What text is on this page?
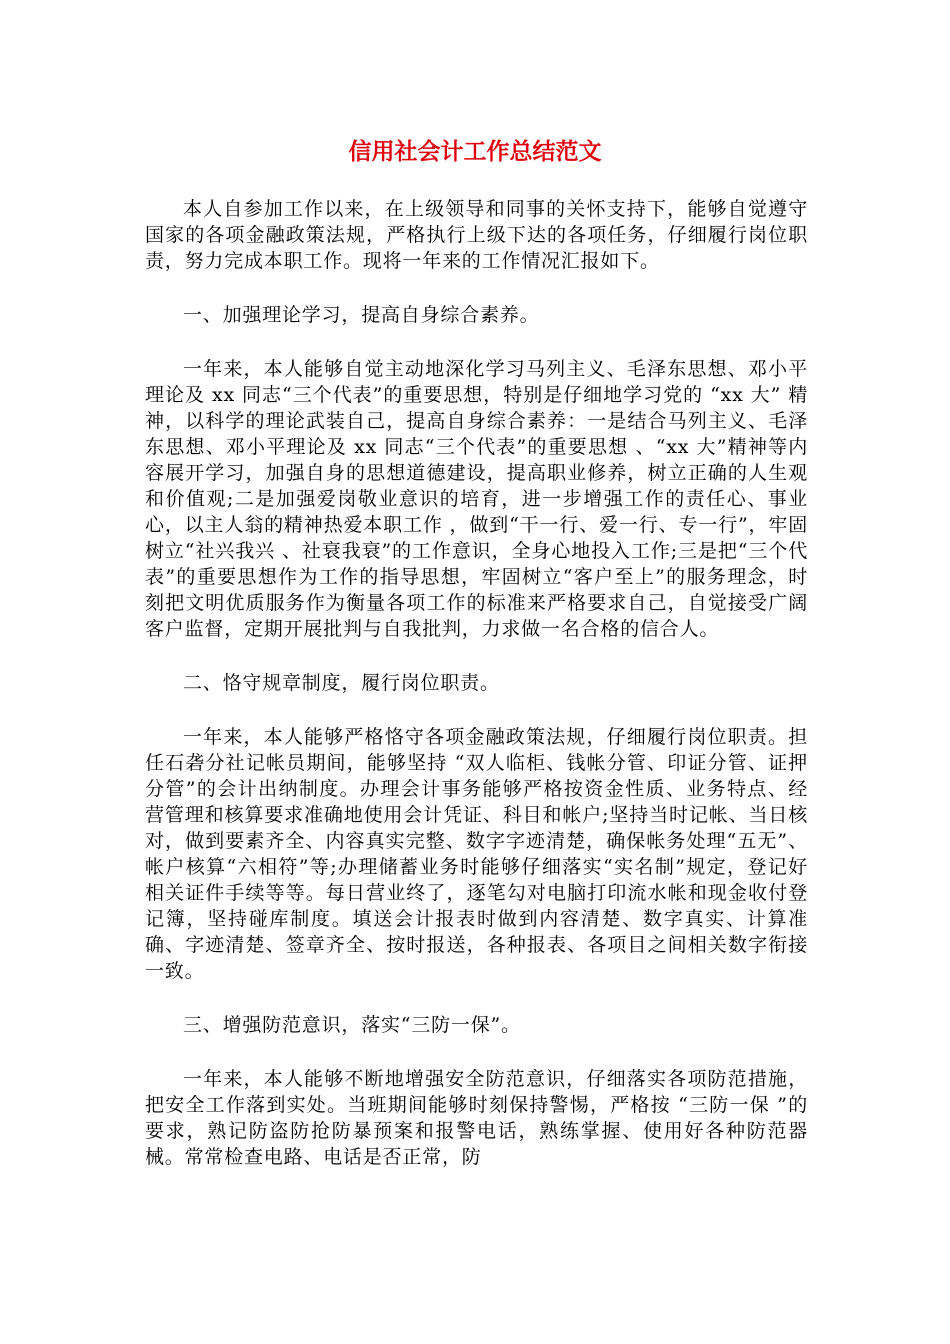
信用社会计工作总结范文

本人自参加工作以来，在上级领导和同事的关怀支持下，能够自觉遵守国家的各项金融政策法规，严格执行上级下达的各项任务，仔细履行岗位职责，努力完成本职工作。现将一年来的工作情况汇报如下。

一、加强理论学习，提高自身综合素养。

一年来，本人能够自觉主动地深化学习马列主义、毛泽东思想、邓小平理论及 xx 同志“三个代表”的重要思想，特别是仔细地学习党的 “xx 大” 精神，以科学的理论武装自己，提高自身综合素养：一是结合马列主义、毛泽东思想、邓小平理论及 xx 同志“三个代表”的重要思想 、“xx 大”精神等内容展开学习，加强自身的思想道德建设，提高职业修养，树立正确的人生观和价值观;二是加强爱岗敬业意识的培育，进一步增强工作的责任心、事业心，以主人翁的精神热爱本职工作 ，做到“干一行、爱一行、专一行”，牢固树立“社兴我兴 、社衰我衰”的工作意识，全身心地投入工作;三是把“三个代表”的重要思想作为工作的指导思想，牢固树立“客户至上”的服务理念，时刻把文明优质服务作为衡量各项工作的标准来严格要求自己，自觉接受广阔客户监督，定期开展批判与自我批判，力求做一名合格的信合人。

二、恪守规章制度，履行岗位职责。

一年来，本人能够严格恪守各项金融政策法规，仔细履行岗位职责。担任石砻分社记帐员期间，能够坚持 “双人临柜、钱帐分管、印证分管、证押分管”的会计出纳制度。办理会计事务能够严格按资金性质、业务特点、经营管理和核算要求准确地使用会计凭证、科目和帐户;坚持当时记帐、当日核对，做到要素齐全、内容真实完整、数字字迹清楚，确保帐务处理“五无”、帐户核算“六相符”等;办理储蓄业务时能够仔细落实“实名制”规定，登记好相关证件手续等等。每日营业终了，逐笔勾对电脑打印流水帐和现金收付登记簿，坚持碰库制度。填送会计报表时做到内容清楚、数字真实、计算准确、字迹清楚、签章齐全、按时报送，各种报表、各项目之间相关数字衔接一致。

三、增强防范意识，落实“三防一保”。

一年来，本人能够不断地增强安全防范意识，仔细落实各项防范措施，把安全工作落到实处。当班期间能够时刻保持警惕，严格按 “三防一保 ”的要求，熟记防盗防抢防暴预案和报警电话，熟练掌握、使用好各种防范器械。常常检查电路、电话是否正常，防
